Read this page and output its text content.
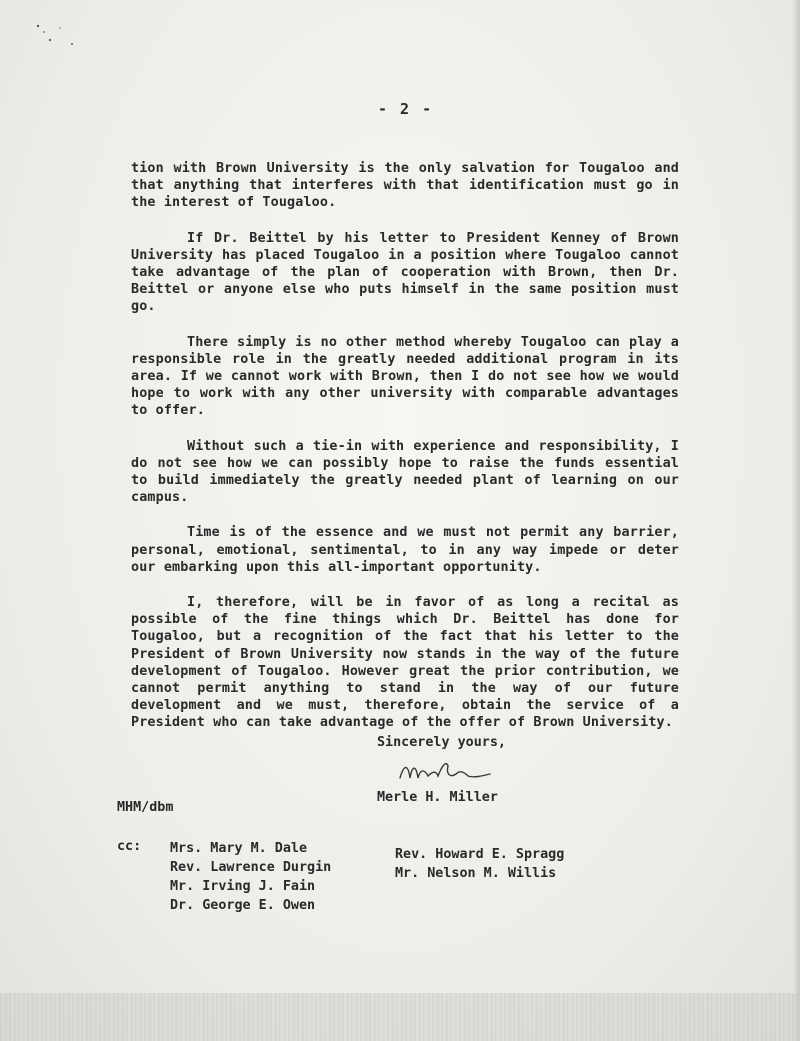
- 2 -

tion with Brown University is the only salvation for Tougaloo and that anything that interferes with that identification must go in the interest of Tougaloo.

If Dr. Beittel by his letter to President Kenney of Brown University has placed Tougaloo in a position where Tougaloo cannot take advantage of the plan of cooperation with Brown, then Dr. Beittel or anyone else who puts himself in the same position must go.

There simply is no other method whereby Tougaloo can play a responsible role in the greatly needed additional program in its area. If we cannot work with Brown, then I do not see how we would hope to work with any other university with comparable advantages to offer.

Without such a tie-in with experience and responsibility, I do not see how we can possibly hope to raise the funds essential to build immediately the greatly needed plant of learning on our campus.

Time is of the essence and we must not permit any barrier, personal, emotional, sentimental, to in any way impede or deter our embarking upon this all-important opportunity.

I, therefore, will be in favor of as long a recital as possible of the fine things which Dr. Beittel has done for Tougaloo, but a recognition of the fact that his letter to the President of Brown University now stands in the way of the future development of Tougaloo. However great the prior contribution, we cannot permit anything to stand in the way of our future development and we must, therefore, obtain the service of a President who can take advantage of the offer of Brown University.

Sincerely yours,
Merle H. Miller
MHM/dbm
cc: Mrs. Mary M. Dale
Rev. Lawrence Durgin
Mr. Irving J. Fain
Dr. George E. Owen
Rev. Howard E. Spragg
Mr. Nelson M. Willis
